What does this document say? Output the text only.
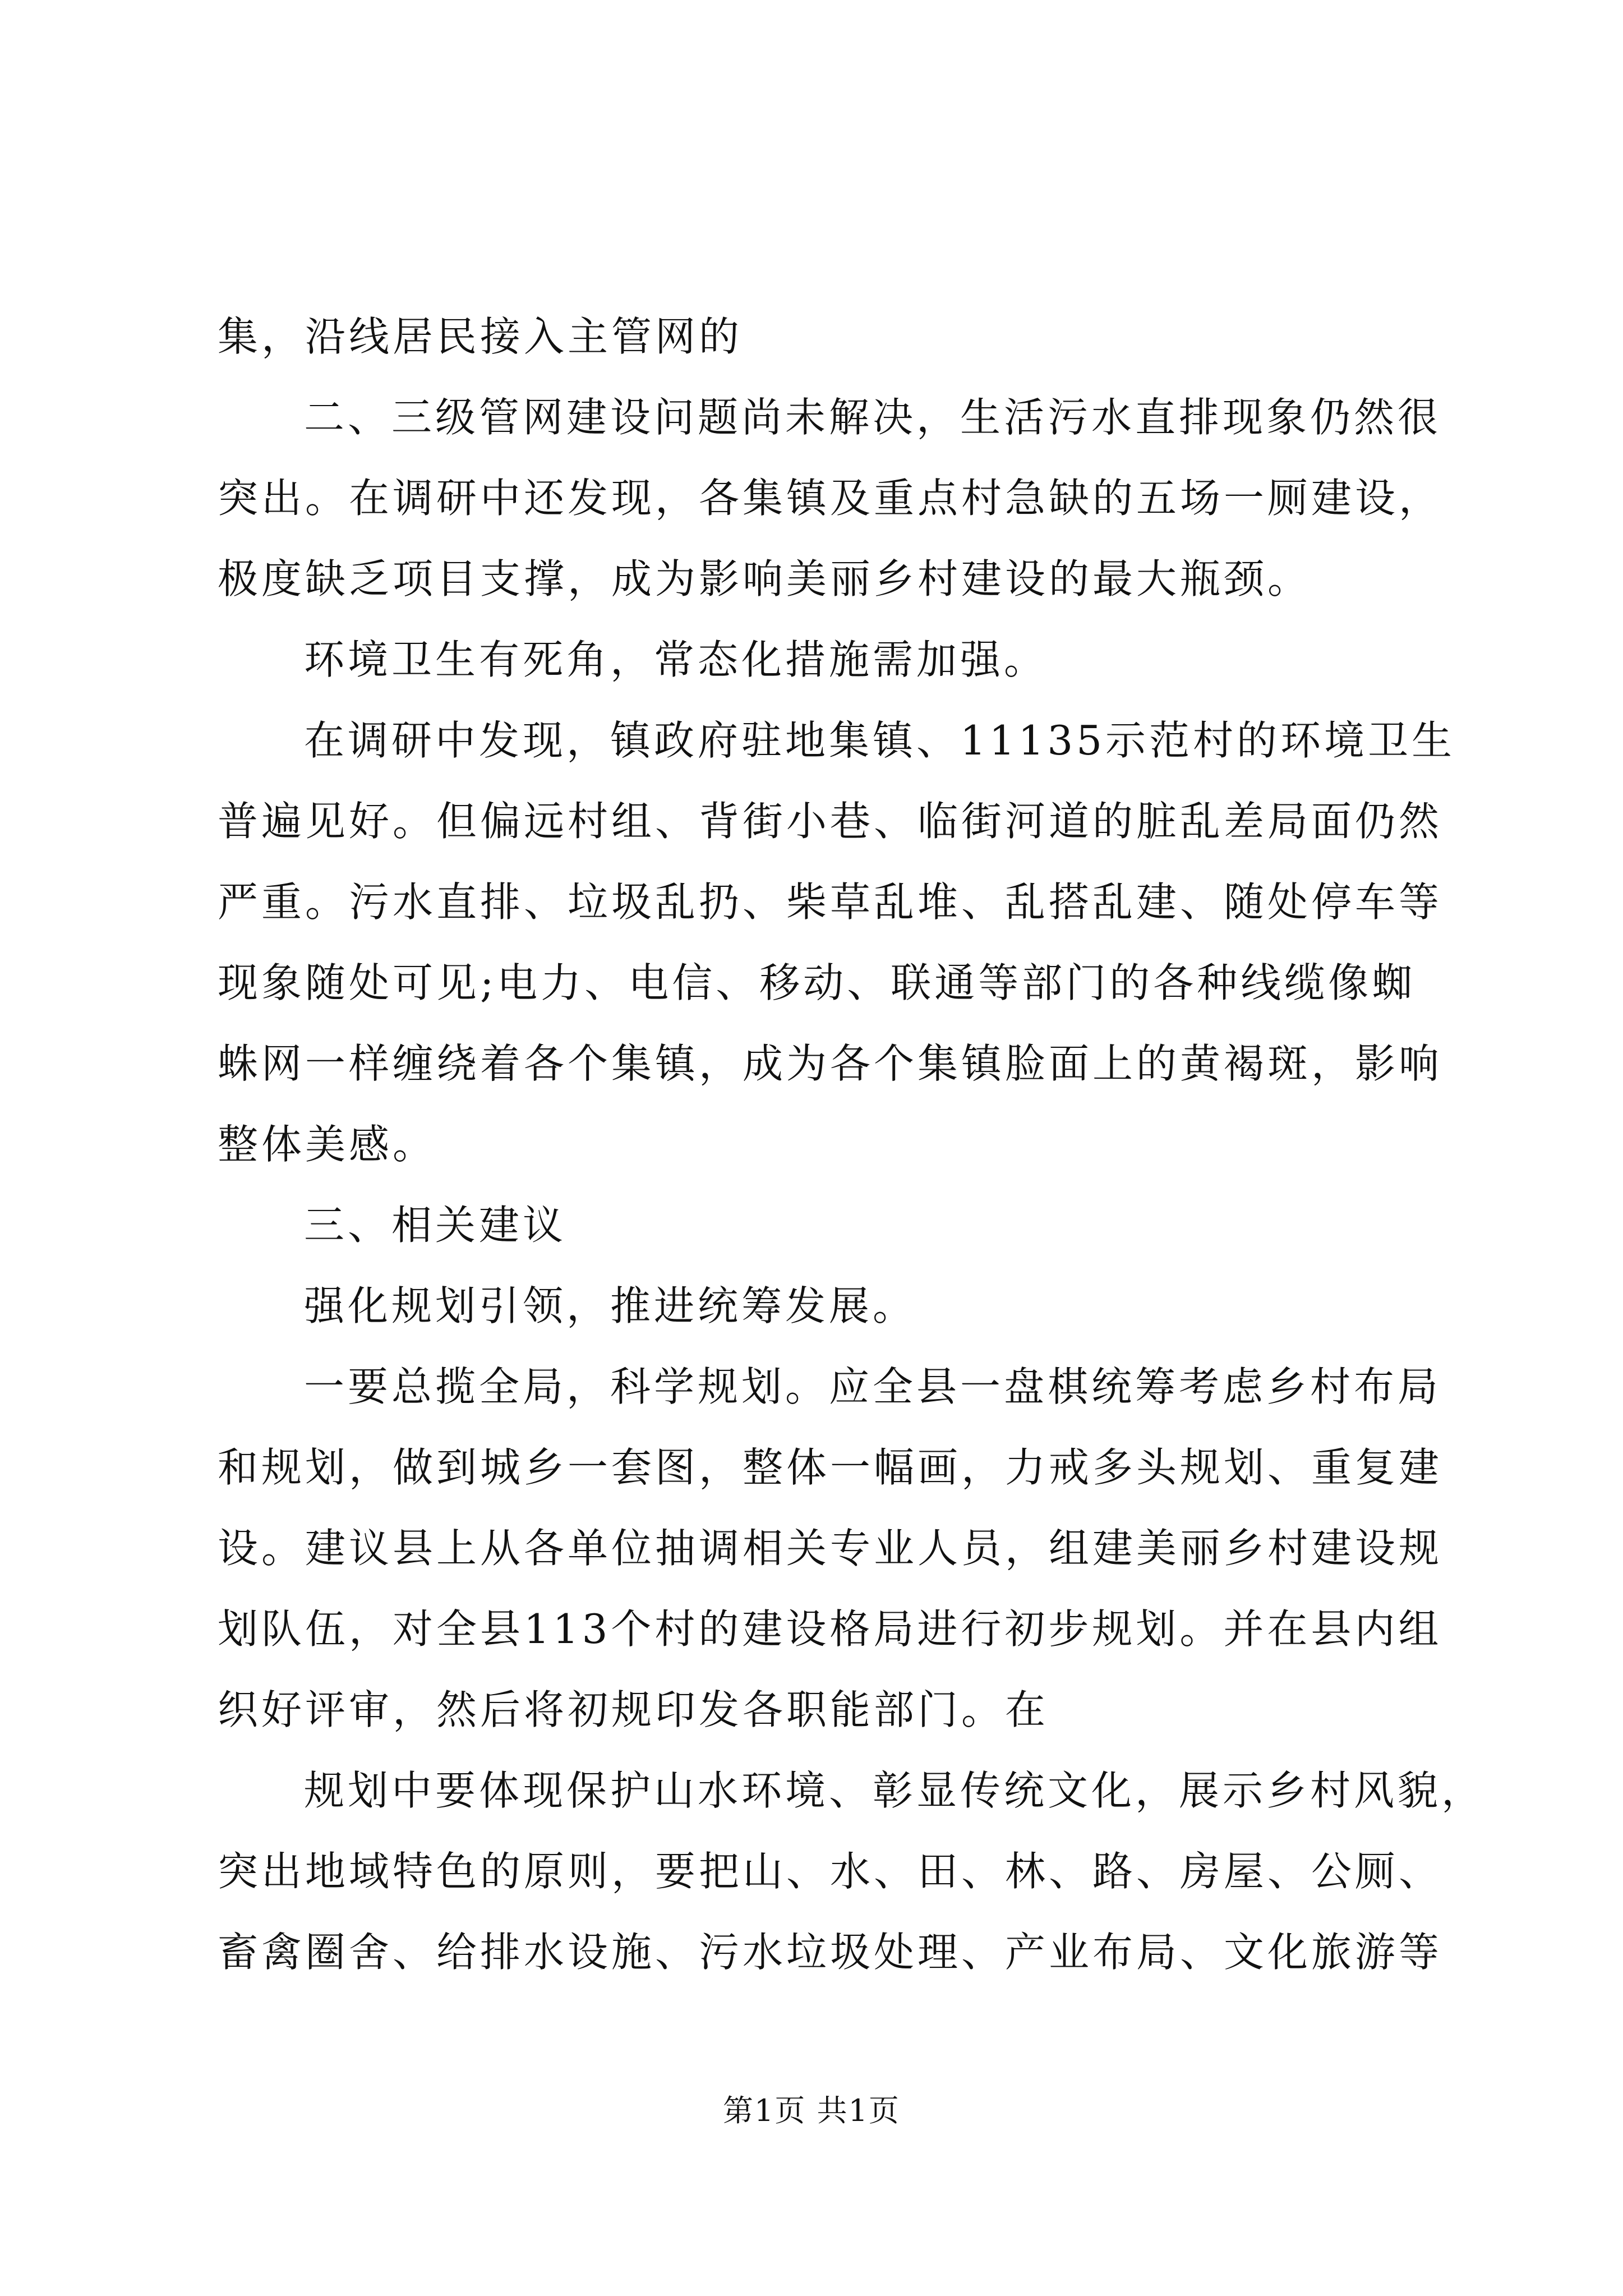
集，沿线居民接入主管网的
二、三级管网建设问题尚未解决，生活污水直排现象仍然很
突出。在调研中还发现，各集镇及重点村急缺的五场一厕建设，
极度缺乏项目支撑，成为影响美丽乡村建设的最大瓶颈。
环境卫生有死角，常态化措施需加强。
在调研中发现，镇政府驻地集镇、11135示范村的环境卫生
普遍见好。但偏远村组、背街小巷、临街河道的脏乱差局面仍然
严重。污水直排、垃圾乱扔、柴草乱堆、乱搭乱建、随处停车等
现象随处可见;电力、电信、移动、联通等部门的各种线缆像蜘
蛛网一样缠绕着各个集镇，成为各个集镇脸面上的黄褐斑，影响
整体美感。
三、相关建议
强化规划引领，推进统筹发展。
一要总揽全局，科学规划。应全县一盘棋统筹考虑乡村布局
和规划，做到城乡一套图，整体一幅画，力戒多头规划、重复建
设。建议县上从各单位抽调相关专业人员，组建美丽乡村建设规
划队伍，对全县113个村的建设格局进行初步规划。并在县内组
织好评审，然后将初规印发各职能部门。在
规划中要体现保护山水环境、彰显传统文化，展示乡村风貌，
突出地域特色的原则，要把山、水、田、林、路、房屋、公厕、
畜禽圈舍、给排水设施、污水垃圾处理、产业布局、文化旅游等
第1页 共1页
